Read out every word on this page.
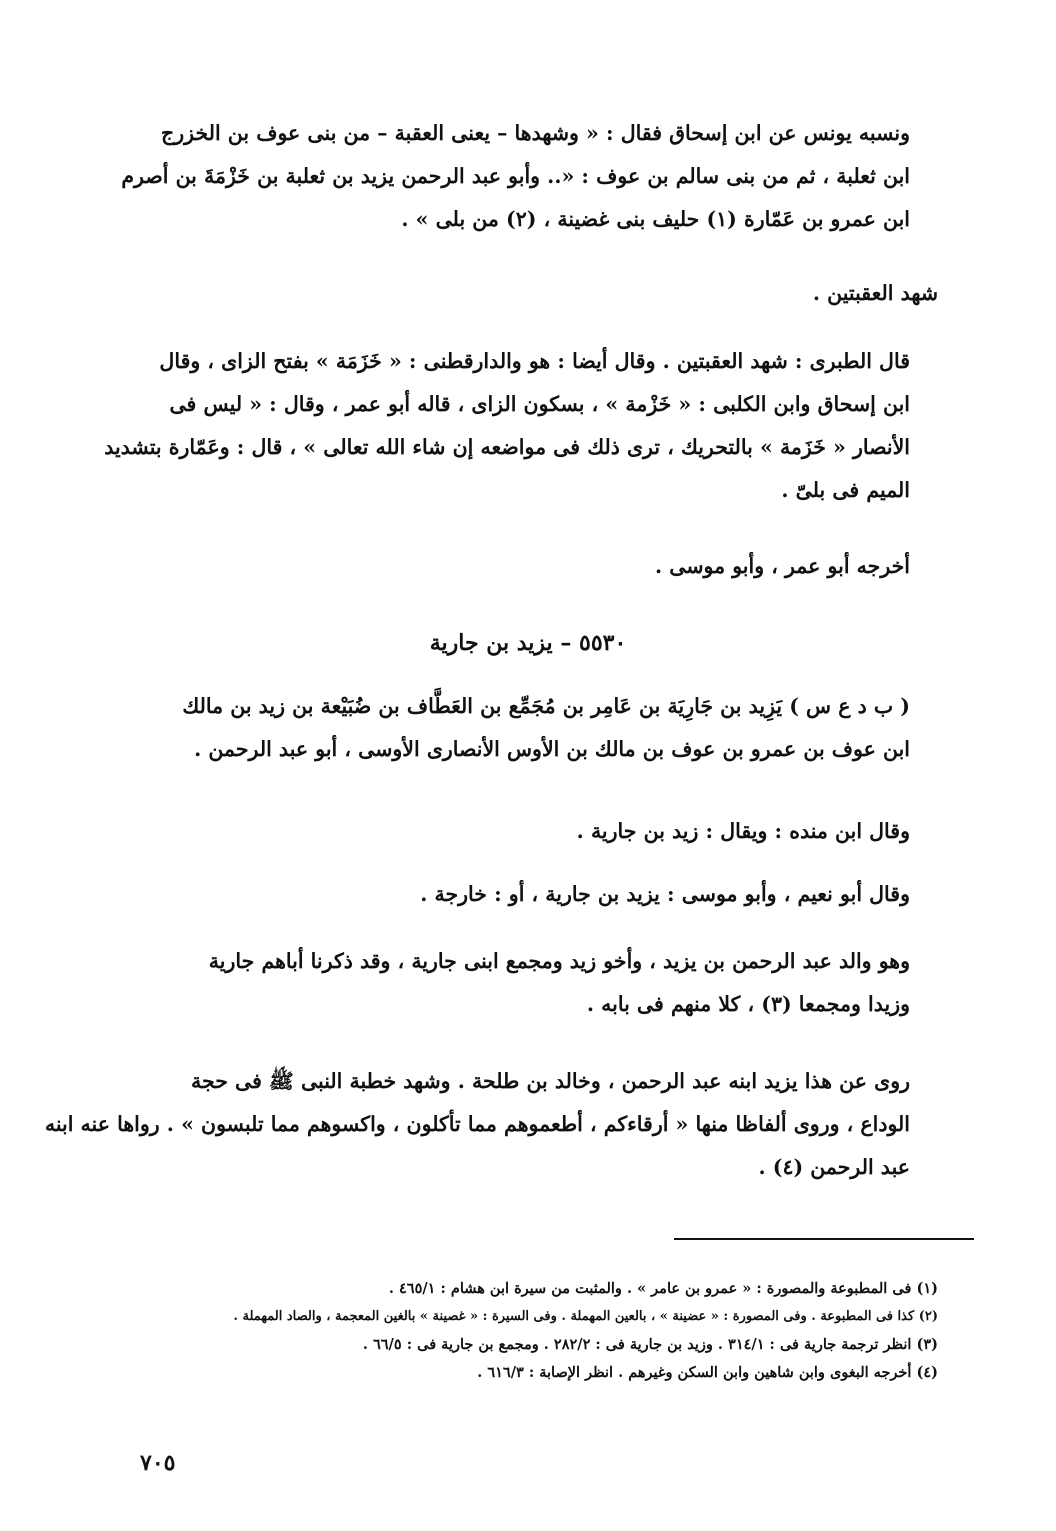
ونسبه يونس عن ابن إسحاق فقال : « وشهدها – يعنى العقبة – من بنى عوف بن الخزرج
ابن ثعلبة ، ثم من بنى سالم بن عوف : «.. وأبو عبد الرحمن يزيد بن ثعلبة بن خَزْمَةَ بن أصرم
ابن عمرو بن عَمّارة (١) حليف بنى غضينة ، (٢) من بلى » .
شهد العقبتين .
قال الطبرى : شهد العقبتين . وقال أيضا : هو والدارقطنى : « خَزَمَة » بفتح الزاى ، وقال
ابن إسحاق وابن الكلبى : « خَزْمة » ، بسكون الزاى ، قاله أبو عمر ، وقال : « ليس فى
الأنصار « خَزَمة » بالتحريك ، ترى ذلك فى مواضعه إن شاء الله تعالى » ، قال : وعَمّارة بتشديد
الميم فى بلىّ .
أخرجه أبو عمر ، وأبو موسى .
٥٥٣٠ – يزيد بن جارية
( ب د ع س ) يَزِيد بن جَارِيَة بن عَامِر بن مُجَمِّع بن العَطَّاف بن ضُبَيْعة بن زيد بن مالك
ابن عوف بن عمرو بن عوف بن مالك بن الأوس الأنصارى الأوسى ، أبو عبد الرحمن .
وقال ابن منده : ويقال : زيد بن جارية .
وقال أبو نعيم ، وأبو موسى : يزيد بن جارية ، أو : خارجة .
وهو والد عبد الرحمن بن يزيد ، وأخو زيد ومجمع ابنى جارية ، وقد ذكرنا أباهم جارية
وزيدا ومجمعا (٣) ، كلا منهم فى بابه .
روى عن هذا يزيد ابنه عبد الرحمن ، وخالد بن طلحة . وشهد خطبة النبى ﷺ فى حجة
الوداع ، وروى ألفاظا منها « أرقاءكم ، أطعموهم مما تأكلون ، واكسوهم مما تلبسون » . رواها عنه ابنه
عبد الرحمن (٤) .
(١) فى المطبوعة والمصورة : « عمرو بن عامر » . والمثبت من سيرة ابن هشام : ٤٦٥/١ .
(٢) كذا فى المطبوعة . وفى المصورة : « عضينة » ، بالعين المهملة . وفى السيرة : « غصينة » بالغين المعجمة ، والصاد المهملة .
(٣) انظر ترجمة جارية فى : ٣١٤/١ . وزيد بن جارية فى : ٢٨٢/٢ . ومجمع بن جارية فى : ٦٦/٥ .
(٤) أخرجه البغوى وابن شاهين وابن السكن وغيرهم . انظر الإصابة : ٦١٦/٣ .
٧٠٥
